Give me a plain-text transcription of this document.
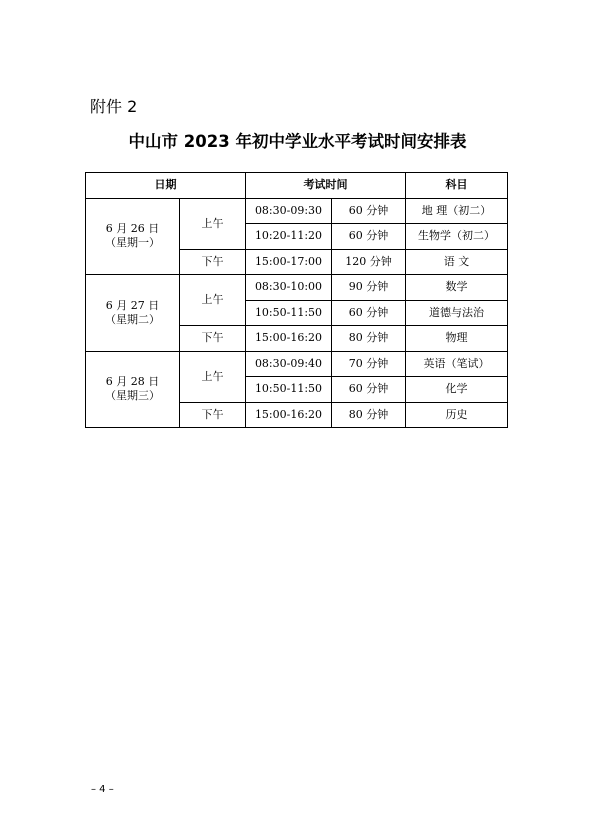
附件 2
中山市 2023 年初中学业水平考试时间安排表
日期		考试时间		科目

6 月 26 日
（星期一）	上午	08:30-09:30	60 分钟	地 理（初二）
		10:20-11:20	60 分钟	生物学（初二）
	下午	15:00-17:00	120 分钟	语 文

6 月 27 日
（星期二）	上午	08:30-10:00	90 分钟	数学
		10:50-11:50	60 分钟	道德与法治
	下午	15:00-16:20	80 分钟	物理

6 月 28 日
（星期三）	上午	08:30-09:40	70 分钟	英语（笔试）
		10:50-11:50	60 分钟	化学
	下午	15:00-16:20	80 分钟	历史
– 4 –
